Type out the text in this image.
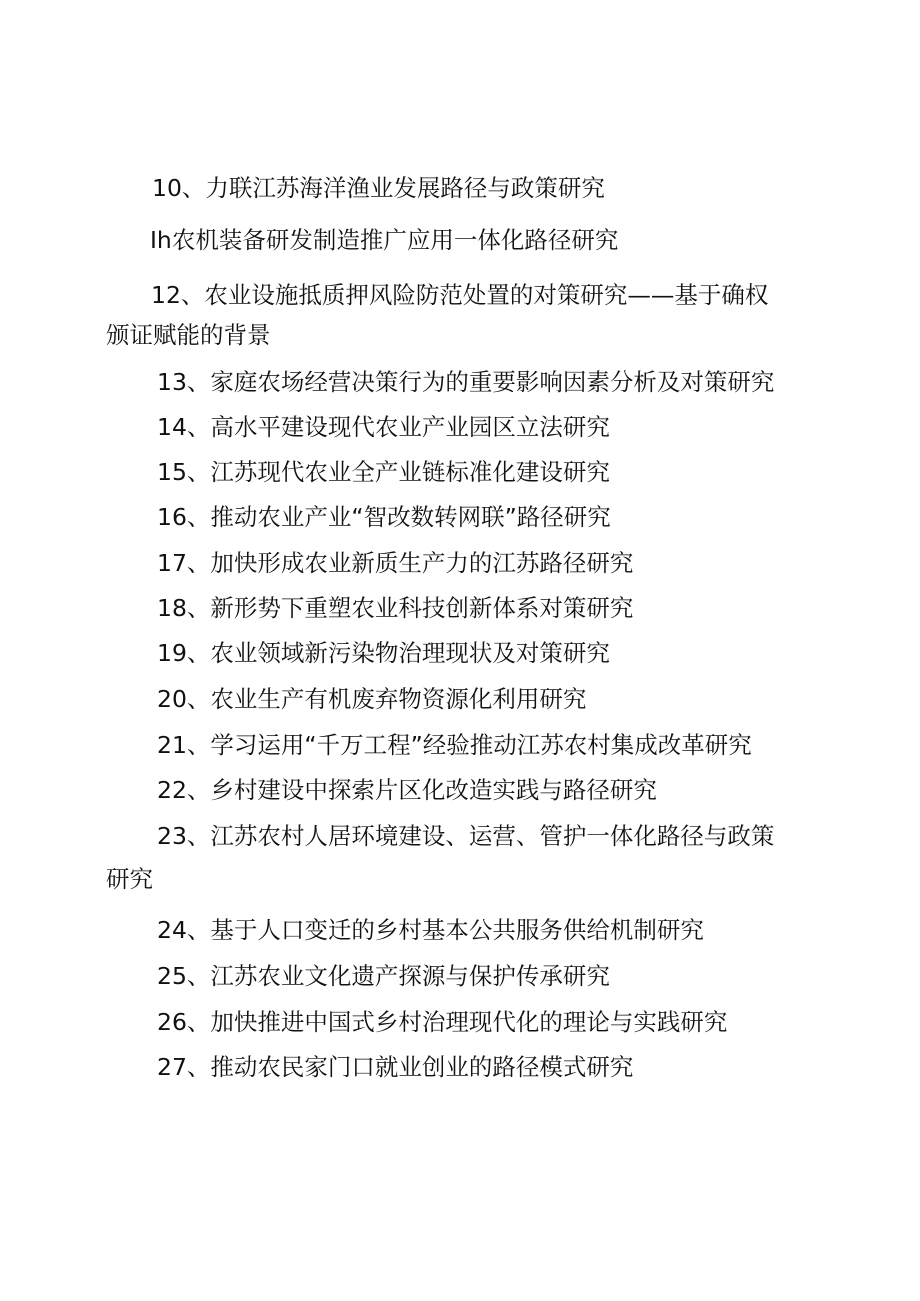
10、力联江苏海洋渔业发展路径与政策研究
Ih农机装备研发制造推广应用一体化路径研究
12、农业设施抵质押风险防范处置的对策研究——基于确权
颁证赋能的背景
13、家庭农场经营决策行为的重要影响因素分析及对策研究
14、高水平建设现代农业产业园区立法研究
15、江苏现代农业全产业链标准化建设研究
16、推动农业产业“智改数转网联”路径研究
17、加快形成农业新质生产力的江苏路径研究
18、新形势下重塑农业科技创新体系对策研究
19、农业领域新污染物治理现状及对策研究
20、农业生产有机废弃物资源化利用研究
21、学习运用“千万工程”经验推动江苏农村集成改革研究
22、乡村建设中探索片区化改造实践与路径研究
23、江苏农村人居环境建设、运营、管护一体化路径与政策
研究
24、基于人口变迁的乡村基本公共服务供给机制研究
25、江苏农业文化遗产探源与保护传承研究
26、加快推进中国式乡村治理现代化的理论与实践研究
27、推动农民家门口就业创业的路径模式研究
